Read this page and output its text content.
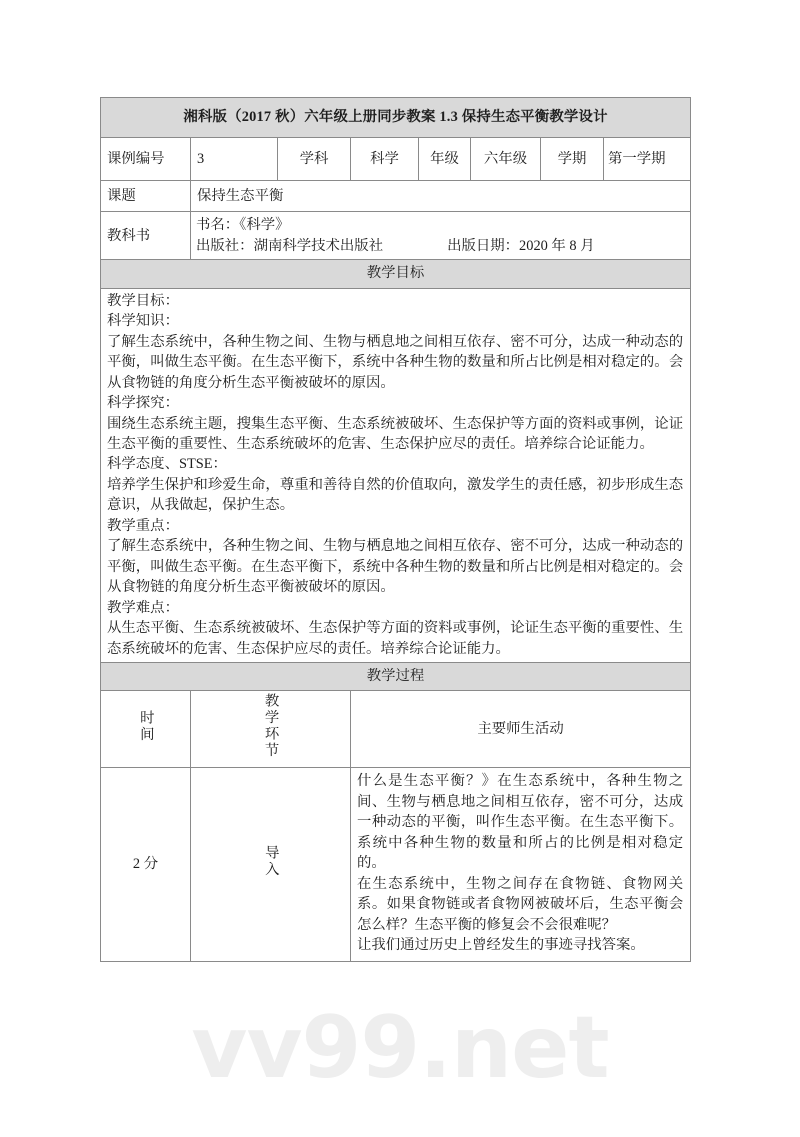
vv99.net
湘科版（2017 秋）六年级上册同步教案 1.3 保持生态平衡教学设计							
课例编号	3	学科	科学	年级	六年级	学期	第一学期
课题	保持生态平衡						
教科书	书名：《科学》
出版社：湖南科学技术出版社 出版日期：2020 年 8 月						

教学目标							

教学目标：

科学知识：

了解生态系统中，各种生物之间、生物与栖息地之间相互依存、密不可分，达成一种动态的平衡，叫做生态平衡。在生态平衡下，系统中各种生物的数量和所占比例是相对稳定的。会从食物链的角度分析生态平衡被破坏的原因。

科学探究：

围绕生态系统主题，搜集生态平衡、生态系统被破坏、生态保护等方面的资料或事例，论证生态平衡的重要性、生态系统破坏的危害、生态保护应尽的责任。培养综合论证能力。

科学态度、STSE：

培养学生保护和珍爱生命，尊重和善待自然的价值取向，激发学生的责任感，初步形成生态意识，从我做起，保护生态。

教学重点：

了解生态系统中，各种生物之间、生物与栖息地之间相互依存、密不可分，达成一种动态的平衡，叫做生态平衡。在生态平衡下，系统中各种生物的数量和所占比例是相对稳定的。会从食物链的角度分析生态平衡被破坏的原因。

教学难点：

从生态平衡、生态系统被破坏、生态保护等方面的资料或事例，论证生态平衡的重要性、生态系统破坏的危害、生态保护应尽的责任。培养综合论证能力。

教学过程							
时间	教学环节		主要师生活动				
2 分	导入		什么是生态平衡？》在生态系统中，各种生物之间、生物与栖息地之间相互依存，密不可分，达成一种动态的平衡，叫作生态平衡。在生态平衡下。系统中各种生物的数量和所占的比例是相对稳定的。

在生态系统中，生物之间存在食物链、食物网关系。如果食物链或者食物网被破坏后，生态平衡会怎么样？生态平衡的修复会不会很难呢？

让我们通过历史上曾经发生的事迹寻找答案。				
